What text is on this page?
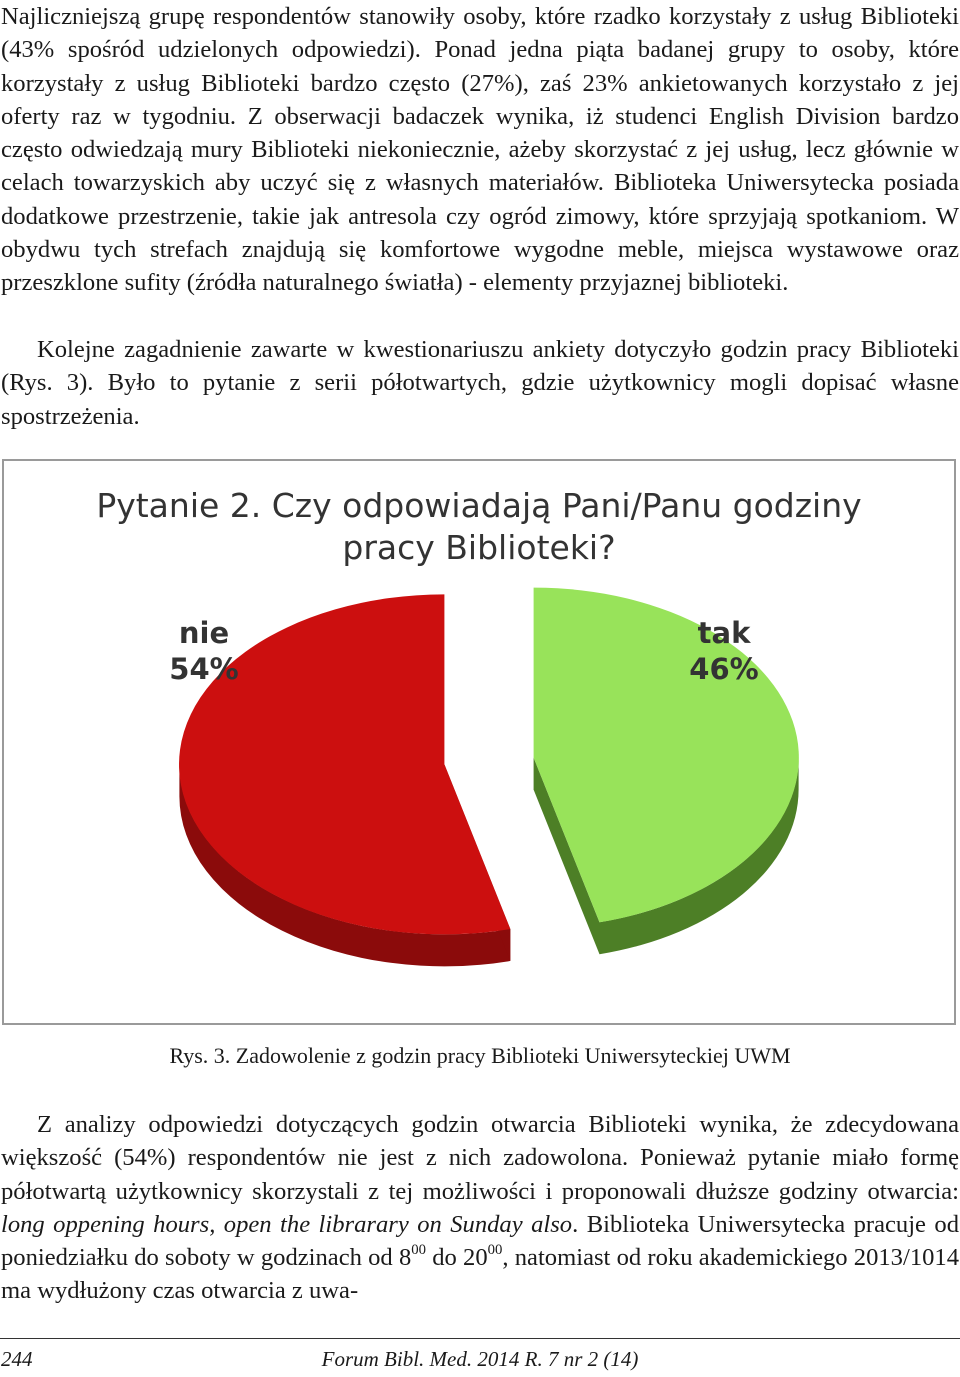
Najliczniejszą grupę respondentów stanowiły osoby, które rzadko korzystały z usług Biblioteki (43% spośród udzielonych odpowiedzi). Ponad jedna piąta badanej grupy to osoby, które korzystały z usług Biblioteki bardzo często (27%), zaś 23% ankietowanych korzystało z jej oferty raz w tygodniu. Z obserwacji badaczek wynika, iż studenci English Division bardzo często odwiedzają mury Biblioteki niekoniecznie, ażeby skorzystać z jej usług, lecz głównie w celach towarzyskich aby uczyć się z własnych materiałów. Biblioteka Uniwersytecka posiada dodatkowe przestrzenie, takie jak antresola czy ogród zimowy, które sprzyjają spotkaniom. W obydwu tych strefach znajdują się komfortowe wygodne meble, miejsca wystawowe oraz przeszklone sufity (źródła naturalnego światła) - elementy przyjaznej biblioteki.

Kolejne zagadnienie zawarte w kwestionariuszu ankiety dotyczyło godzin pracy Biblioteki (Rys. 3). Było to pytanie z serii półotwartych, gdzie użytkownicy mogli dopisać własne spostrzeżenia.

Pytanie 2. Czy odpowiadają Pani/Panu godziny
pracy Biblioteki?
nie
54%
tak
46%
Rys. 3. Zadowolenie z godzin pracy Biblioteki Uniwersyteckiej UWM

Z analizy odpowiedzi dotyczących godzin otwarcia Biblioteki wynika, że zdecydowana większość (54%) respondentów nie jest z nich zadowolona. Ponieważ pytanie miało formę półotwartą użytkownicy skorzystali z tej możliwości i proponowali dłuższe godziny otwarcia: long oppening hours, open the librarary on Sunday also. Biblioteka Uniwersytecka pracuje od poniedziałku do soboty w godzinach od $8^{00}$ do $20^{00}$, natomiast od roku akademickiego 2013/1014 ma wydłużony czas otwarcia z uwa-

244	Forum Bibl. Med. 2014 R. 7 nr 2 (14)
